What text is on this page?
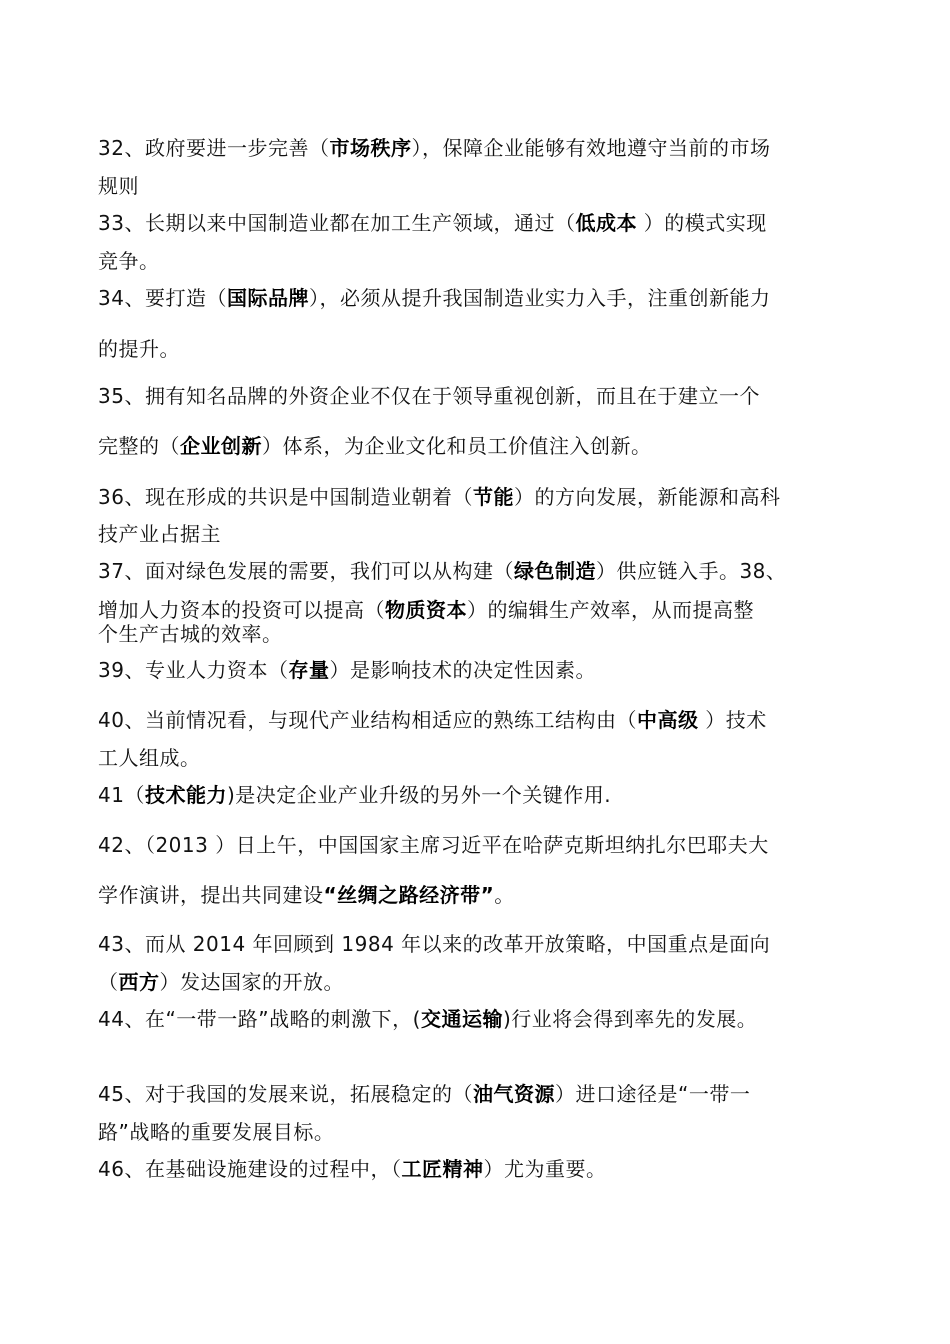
32、政府要进一步完善（市场秩序），保障企业能够有效地遵守当前的市场
规则
33、长期以来中国制造业都在加工生产领域，通过（低成本 ）的模式实现
竞争。
34、要打造（国际品牌），必须从提升我国制造业实力入手，注重创新能力
的提升。
35、拥有知名品牌的外资企业不仅在于领导重视创新，而且在于建立一个
完整的（企业创新）体系，为企业文化和员工价值注入创新。
36、现在形成的共识是中国制造业朝着（节能）的方向发展，新能源和高科
技产业占据主
37、面对绿色发展的需要，我们可以从构建（绿色制造）供应链入手。38、
增加人力资本的投资可以提高（物质资本）的编辑生产效率，从而提高整
个生产古城的效率。
39、专业人力资本（存量）是影响技术的决定性因素。
40、当前情况看，与现代产业结构相适应的熟练工结构由（中高级 ）技术
工人组成。
41（技术能力)是决定企业产业升级的另外一个关键作用.
42、（2013 ）日上午，中国国家主席习近平在哈萨克斯坦纳扎尔巴耶夫大
学作演讲，提出共同建设“丝绸之路经济带”。
43、而从 2014 年回顾到 1984 年以来的改革开放策略，中国重点是面向
（西方）发达国家的开放。
44、在“一带一路”战略的刺激下，(交通运输)行业将会得到率先的发展。
45、对于我国的发展来说，拓展稳定的（油气资源）进口途径是“一带一
路”战略的重要发展目标。
46、在基础设施建设的过程中，（工匠精神）尤为重要。
